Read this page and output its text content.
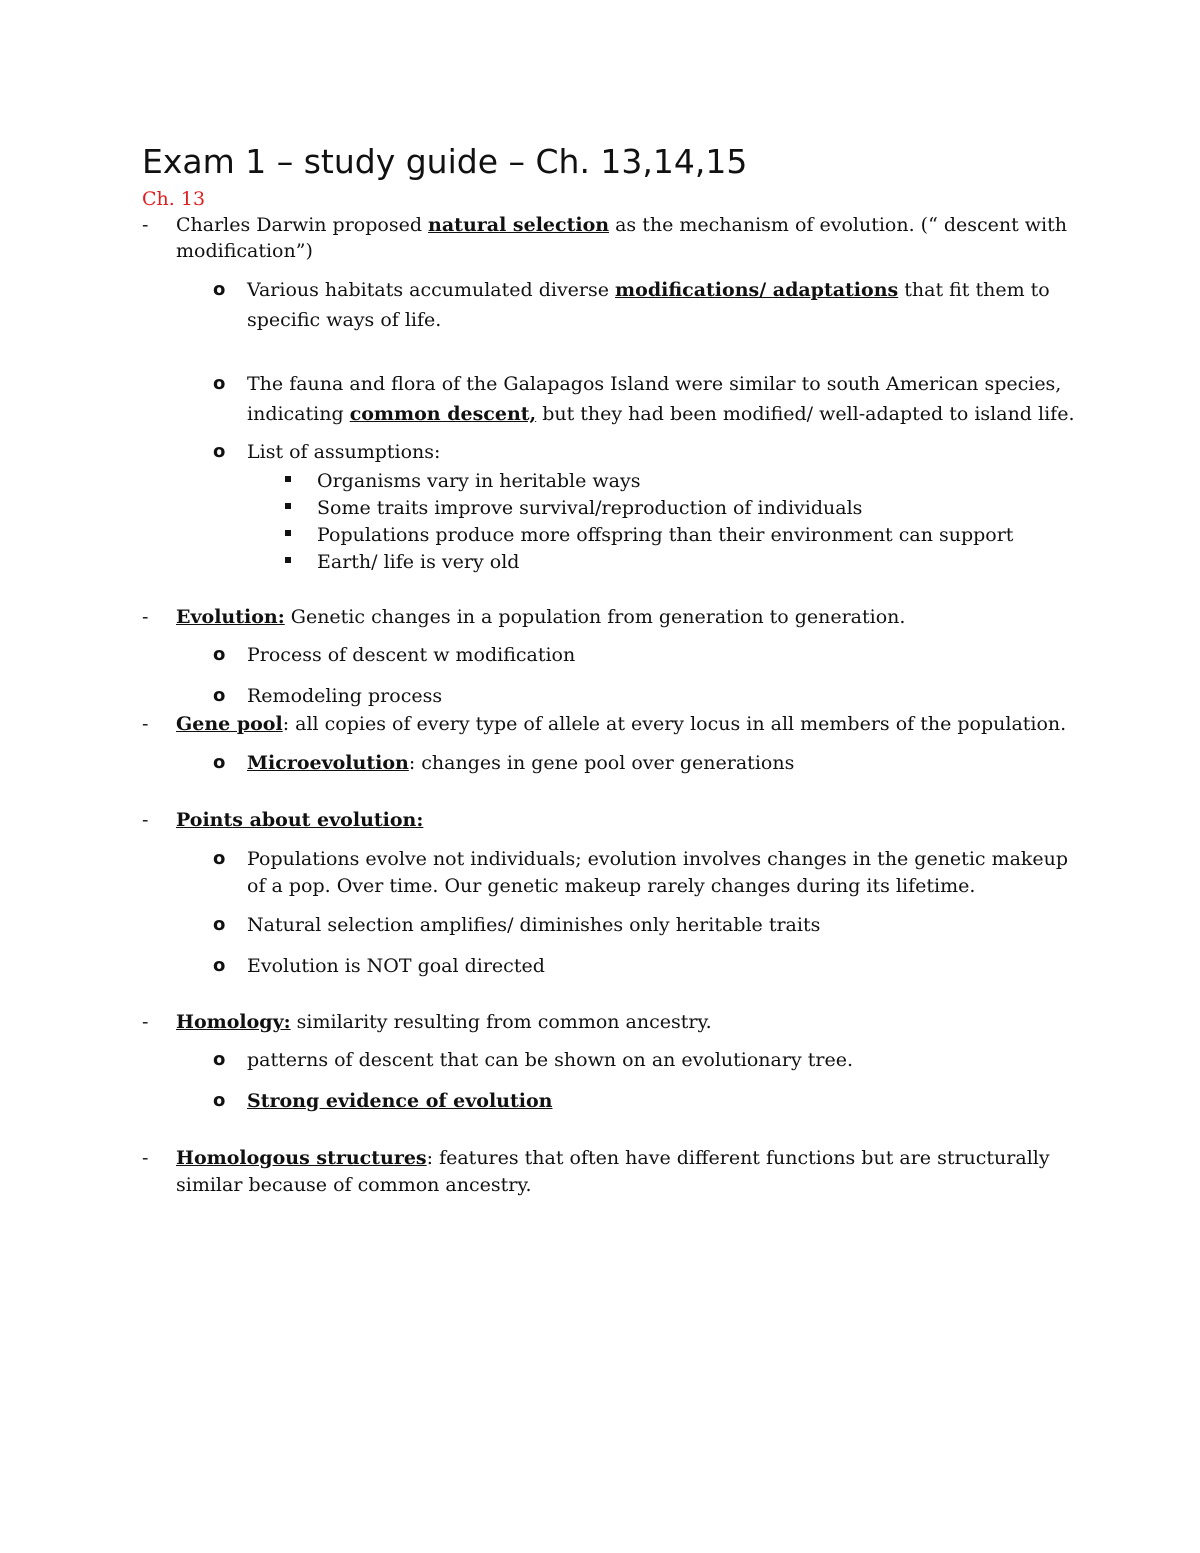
Exam 1 – study guide – Ch. 13,14,15
Ch. 13
- Charles Darwin proposed natural selection as the mechanism of evolution. (“ descent with
modification”)
o Various habitats accumulated diverse modifications/ adaptations that fit them to
specific ways of life.
o The fauna and flora of the Galapagos Island were similar to south American species,
indicating common descent, but they had been modified/ well-adapted to island life.
o List of assumptions:
Organisms vary in heritable ways
Some traits improve survival/reproduction of individuals
Populations produce more offspring than their environment can support
Earth/ life is very old
- Evolution: Genetic changes in a population from generation to generation.
o Process of descent w modification
o Remodeling process
- Gene pool: all copies of every type of allele at every locus in all members of the population.
o Microevolution: changes in gene pool over generations
- Points about evolution:
o Populations evolve not individuals; evolution involves changes in the genetic makeup
of a pop. Over time. Our genetic makeup rarely changes during its lifetime.
o Natural selection amplifies/ diminishes only heritable traits
o Evolution is NOT goal directed
- Homology: similarity resulting from common ancestry.
o patterns of descent that can be shown on an evolutionary tree.
o Strong evidence of evolution
- Homologous structures: features that often have different functions but are structurally
similar because of common ancestry.
